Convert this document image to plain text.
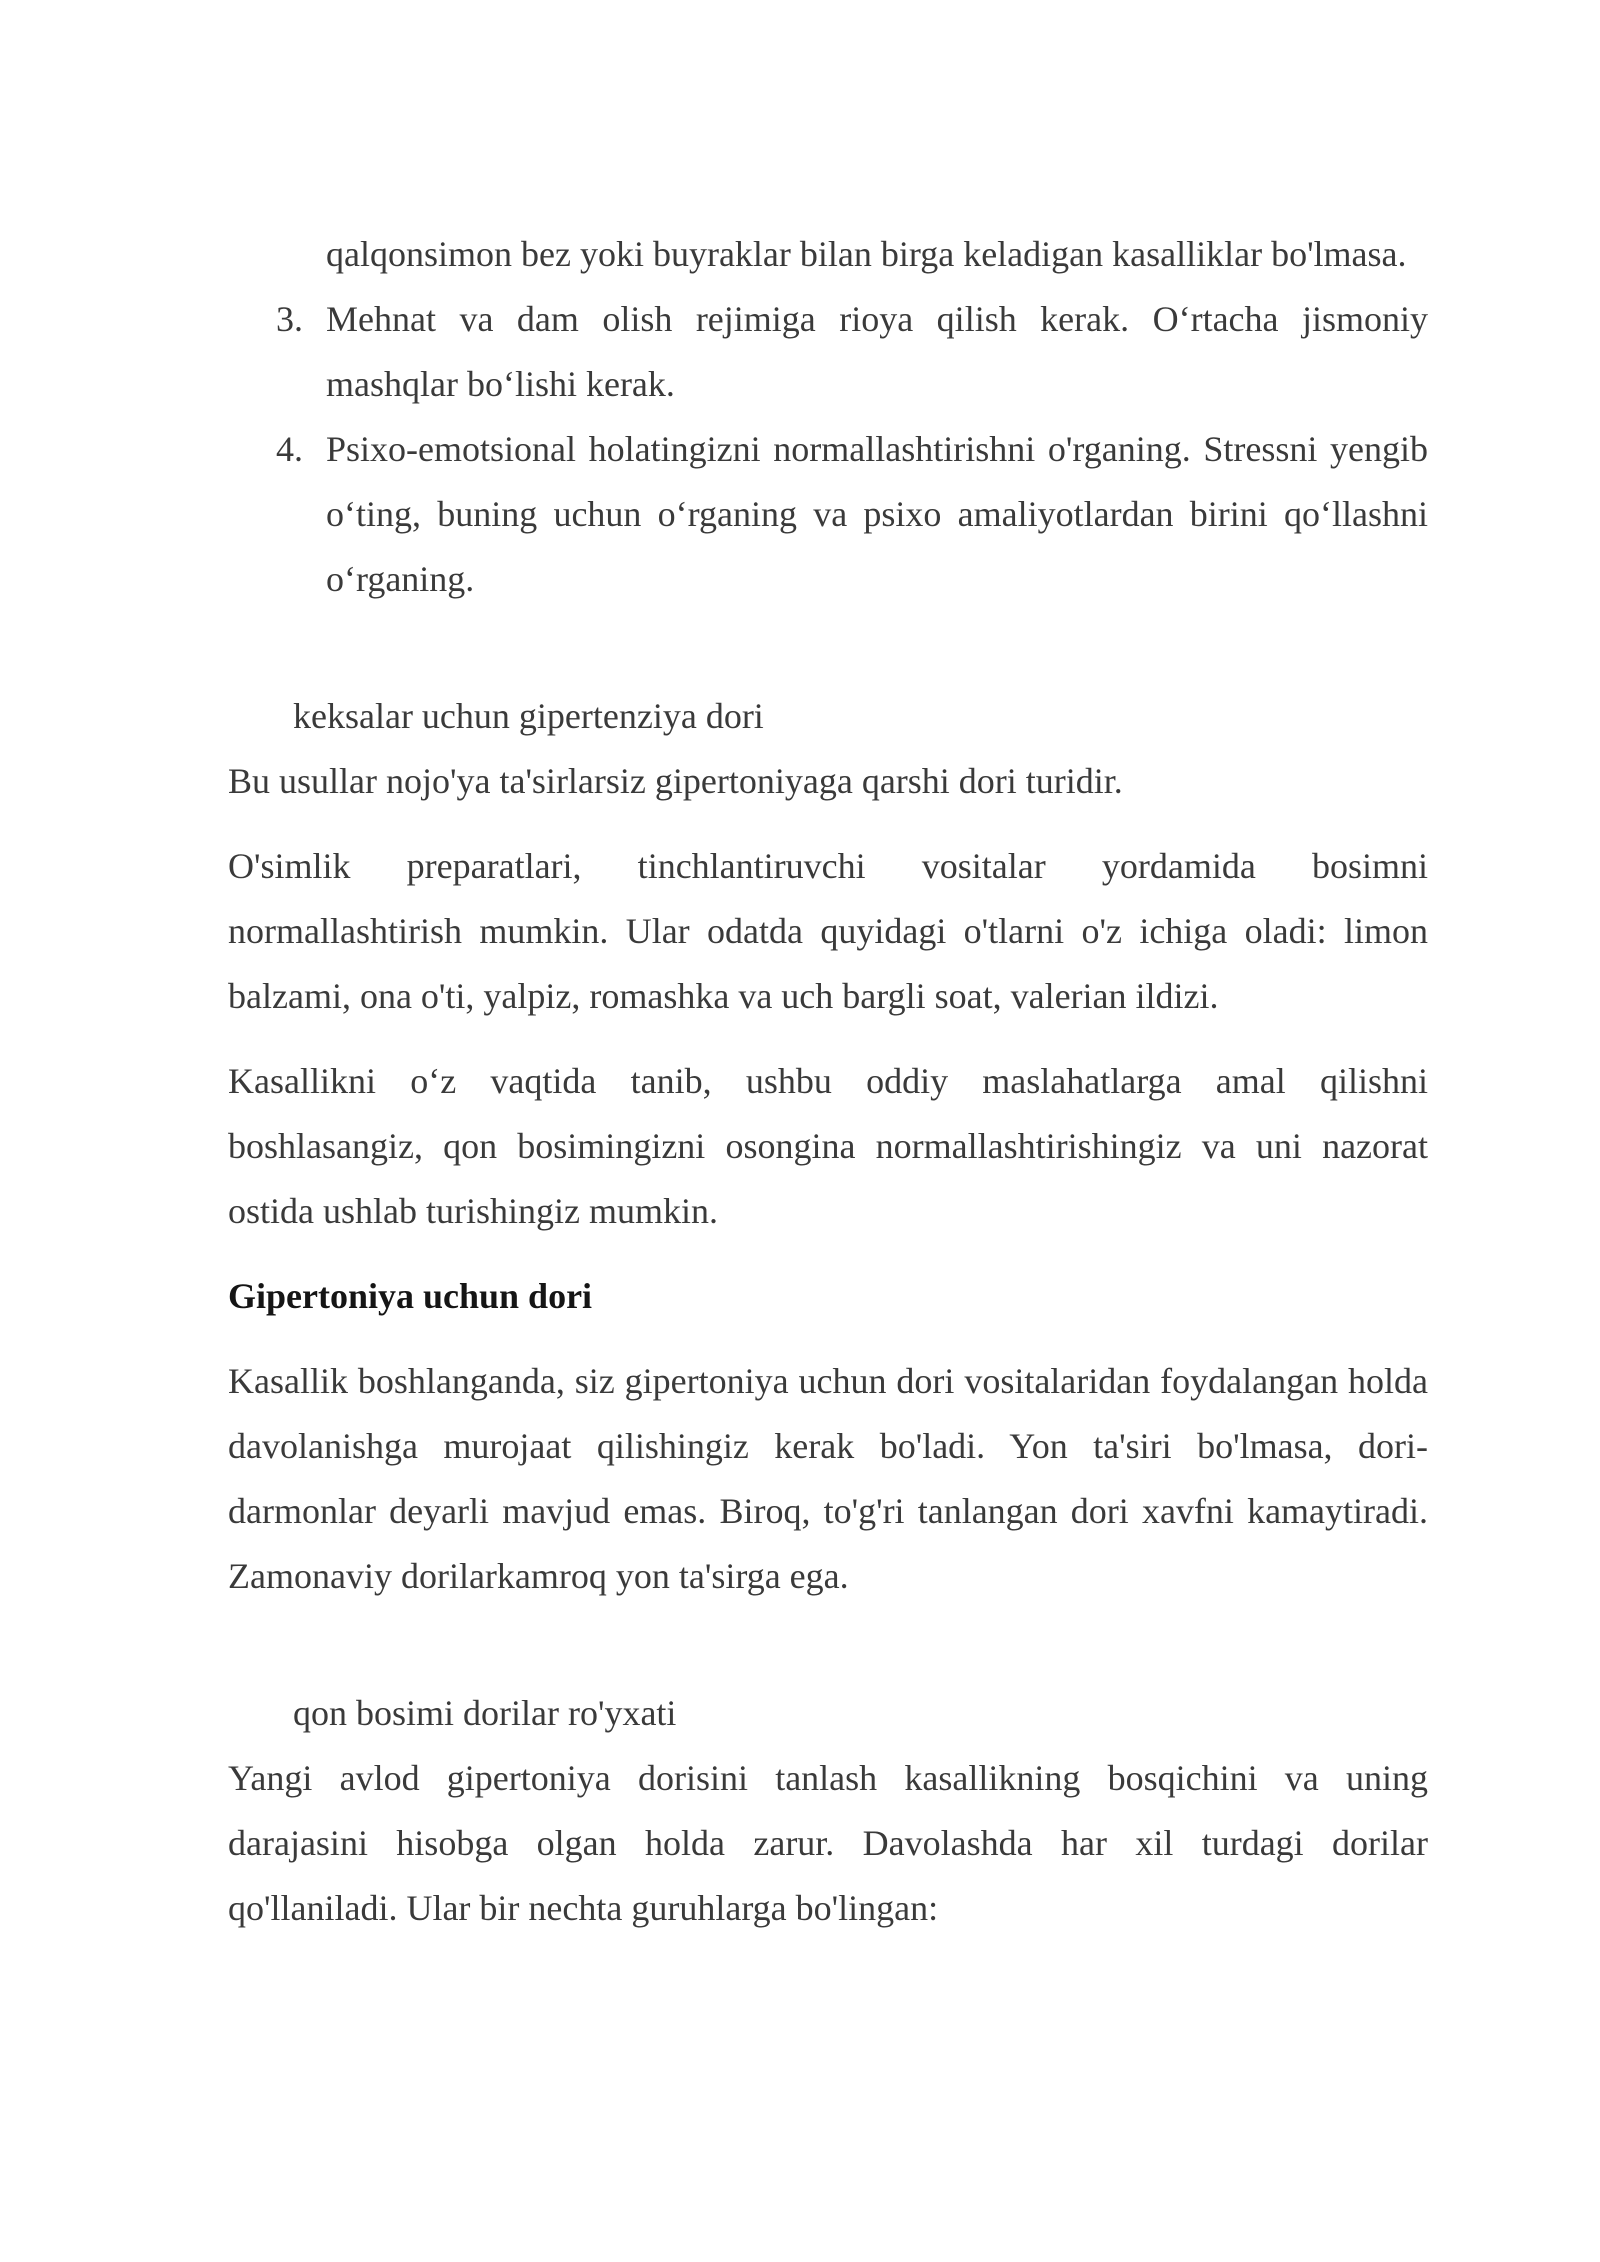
qalqonsimon bez yoki buyraklar bilan birga keladigan kasalliklar bo'lmasa.

3. Mehnat va dam olish rejimiga rioya qilish kerak. O‘rtacha jismoniy mashqlar bo‘lishi kerak.
4. Psixo-emotsional holatingizni normallashtirishni o'rganing. Stressni yengib o‘ting, buning uchun o‘rganing va psixo amaliyotlardan birini qo‘llashni o‘rganing.

keksalar uchun gipertenziya dori

Bu usullar nojo'ya ta'sirlarsiz gipertoniyaga qarshi dori turidir.

O'simlik preparatlari, tinchlantiruvchi vositalar yordamida bosimni normallashtirish mumkin. Ular odatda quyidagi o'tlarni o'z ichiga oladi: limon balzami, ona o'ti, yalpiz, romashka va uch bargli soat, valerian ildizi.

Kasallikni o‘z vaqtida tanib, ushbu oddiy maslahatlarga amal qilishni boshlasangiz, qon bosimingizni osongina normallashtirishingiz va uni nazorat ostida ushlab turishingiz mumkin.

Gipertoniya uchun dori

Kasallik boshlanganda, siz gipertoniya uchun dori vositalaridan foydalangan holda davolanishga murojaat qilishingiz kerak bo'ladi. Yon ta'siri bo'lmasa, dori-darmonlar deyarli mavjud emas. Biroq, to'g'ri tanlangan dori xavfni kamaytiradi. Zamonaviy dorilarkamroq yon ta'sirga ega.

qon bosimi dorilar ro'yxati

Yangi avlod gipertoniya dorisini tanlash kasallikning bosqichini va uning darajasini hisobga olgan holda zarur. Davolashda har xil turdagi dorilar qo'llaniladi. Ular bir nechta guruhlarga bo'lingan:
